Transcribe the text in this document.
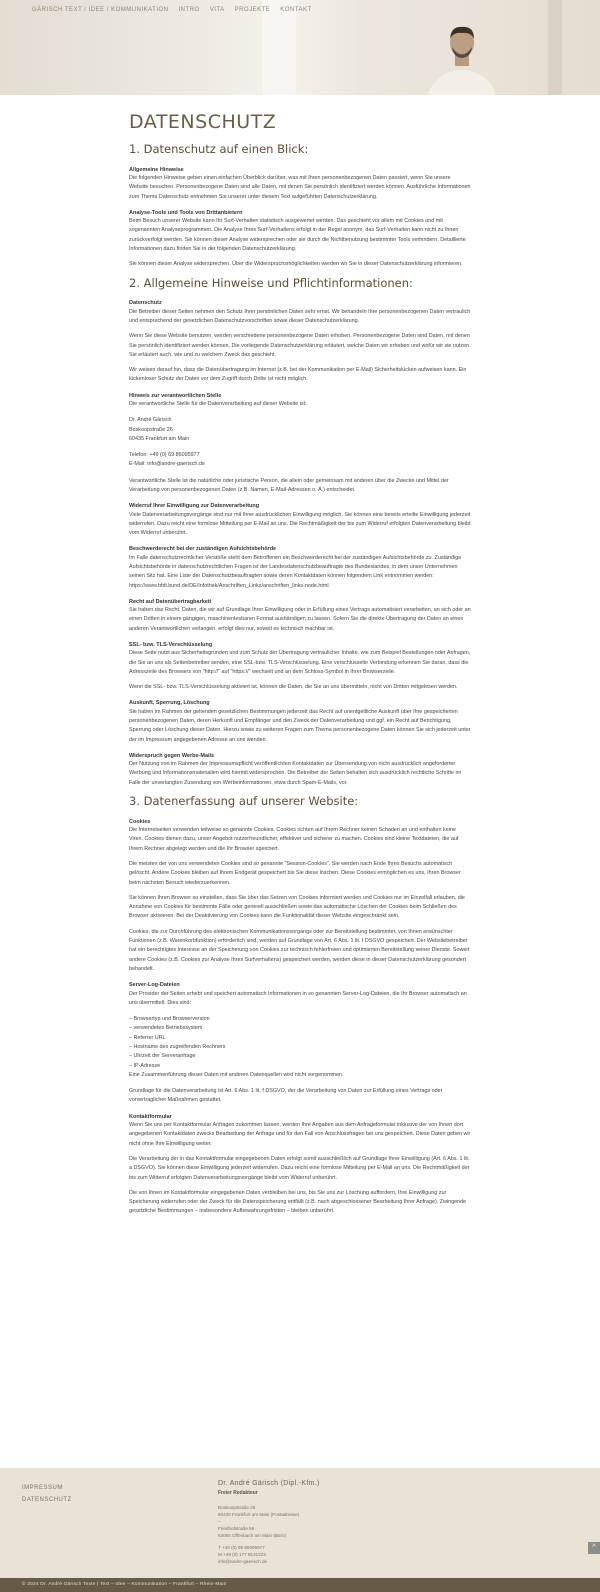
GÄRISCH TEXT / IDEE / KOMMUNIKATION INTRO VITA PROJEKTE KONTAKT
DATENSCHUTZ
1. Datenschutz auf einen Blick:
Allgemeine Hinweise
Die folgenden Hinweise geben einen einfachen Überblick darüber, was mit Ihren personenbezogenen Daten passiert, wenn Sie unsere Website besuchen. Personenbezogene Daten sind alle Daten, mit denen Sie persönlich identifiziert werden können. Ausführliche Informationen zum Thema Datenschutz entnehmen Sie unserer unter diesem Text aufgeführten Datenschutzerklärung.
Analyse-Tools und Tools von Drittanbietern
Beim Besuch unserer Website kann Ihr Surf-Verhalten statistisch ausgewertet werden. Das geschieht vor allem mit Cookies und mit sogenannten Analyseprogrammen. Die Analyse Ihres Surf-Verhaltens erfolgt in der Regel anonym; das Surf-Verhalten kann nicht zu Ihnen zurückverfolgt werden. Sie können dieser Analyse widersprechen oder sie durch die Nichtbenutzung bestimmter Tools verhindern. Detaillierte Informationen dazu finden Sie in der folgenden Datenschutzerklärung.
Sie können dieser Analyse widersprechen. Über die Widerspruchsmöglichkeiten werden wir Sie in dieser Datenschutzerklärung informieren.
2. Allgemeine Hinweise und Pflichtinformationen:
Datenschutz
Die Betreiber dieser Seiten nehmen den Schutz Ihrer persönlichen Daten sehr ernst. Wir behandeln Ihre personenbezogenen Daten vertraulich und entsprechend der gesetzlichen Datenschutzvorschriften sowie dieser Datenschutzerklärung.
Wenn Sie diese Website benutzen, werden verschiedene personenbezogene Daten erhoben. Personenbezogene Daten sind Daten, mit denen Sie persönlich identifiziert werden können. Die vorliegende Datenschutzerklärung erläutert, welche Daten wir erheben und wofür wir sie nutzen. Sie erläutert auch, wie und zu welchem Zweck das geschieht.
Wir weisen darauf hin, dass die Datenübertragung im Internet (z.B. bei der Kommunikation per E-Mail) Sicherheitslücken aufweisen kann. Ein lückenloser Schutz der Daten vor dem Zugriff durch Dritte ist nicht möglich.
Hinweis zur verantwortlichen Stelle
Die verantwortliche Stelle für die Datenverarbeitung auf dieser Website ist:
Dr. André Gärisch
Boskoopstraße 26
60435 Frankfurt am Main
Telefon: +49 (0) 69 86095977
E-Mail: info@andre-gaerisch.de
Verantwortliche Stelle ist die natürliche oder juristische Person, die allein oder gemeinsam mit anderen über die Zwecke und Mittel der Verarbeitung von personenbezogenen Daten (z.B. Namen, E-Mail-Adressen o. Ä.) entscheidet.
Widerruf Ihrer Einwilligung zur Datenverarbeitung
Viele Datenverarbeitungsvorgänge sind nur mit Ihrer ausdrücklichen Einwilligung möglich. Sie können eine bereits erteilte Einwilligung jederzeit widerrufen. Dazu reicht eine formlose Mitteilung per E-Mail an uns. Die Rechtmäßigkeit der bis zum Widerruf erfolgten Datenverarbeitung bleibt vom Widerruf unberührt.
Beschwerderecht bei der zuständigen Aufsichtsbehörde
Im Falle datenschutzrechtlicher Verstöße steht dem Betroffenen ein Beschwerderecht bei der zuständigen Aufsichtsbehörde zu. Zuständige Aufsichtsbehörde in datenschutzrechtlichen Fragen ist der Landesdatenschutzbeauftragte des Bundeslandes, in dem unser Unternehmen seinen Sitz hat. Eine Liste der Datenschutzbeauftragten sowie deren Kontaktdaten können folgendem Link entnommen werden: https://www.bfdi.bund.de/DE/Infothek/Anschriften_Links/anschriften_links-node.html.
Recht auf Datenübertragbarkeit
Sie haben das Recht, Daten, die wir auf Grundlage Ihrer Einwilligung oder in Erfüllung eines Vertrags automatisiert verarbeiten, an sich oder an einen Dritten in einem gängigen, maschinenlesbaren Format aushändigen zu lassen. Sofern Sie die direkte Übertragung der Daten an einen anderen Verantwortlichen verlangen, erfolgt dies nur, soweit es technisch machbar ist.
SSL- bzw. TLS-Verschlüsselung
Diese Seite nutzt aus Sicherheitsgründen und zum Schutz der Übertragung vertraulicher Inhalte, wie zum Beispiel Bestellungen oder Anfragen, die Sie an uns als Seitenbetreiber senden, eine SSL-bzw. TLS-Verschlüsselung. Eine verschlüsselte Verbindung erkennen Sie daran, dass die Adresszeile des Browsers von "http://" auf "https://" wechselt und an dem Schloss-Symbol in Ihrer Browserzeile.
Wenn die SSL- bzw. TLS-Verschlüsselung aktiviert ist, können die Daten, die Sie an uns übermitteln, nicht von Dritten mitgelesen werden.
Auskunft, Sperrung, Löschung
Sie haben im Rahmen der geltenden gesetzlichen Bestimmungen jederzeit das Recht auf unentgeltliche Auskunft über Ihre gespeicherten personenbezogenen Daten, deren Herkunft und Empfänger und den Zweck der Datenverarbeitung und ggf. ein Recht auf Berichtigung, Sperrung oder Löschung dieser Daten. Hierzu sowie zu weiteren Fragen zum Thema personenbezogene Daten können Sie sich jederzeit unter der im Impressum angegebenen Adresse an uns wenden.
Widerspruch gegen Werbe-Mails
Der Nutzung von im Rahmen der Impressumspflicht veröffentlichten Kontaktdaten zur Übersendung von nicht ausdrücklich angeforderter Werbung und Informationsmaterialien wird hiermit widersprochen. Die Betreiber der Seiten behalten sich ausdrücklich rechtliche Schritte im Falle der unverlangten Zusendung von Werbeinformationen, etwa durch Spam-E-Mails, vor.
3. Datenerfassung auf unserer Website:
Cookies
Die Internetseiten verwenden teilweise so genannte Cookies. Cookies richten auf Ihrem Rechner keinen Schaden an und enthalten keine Viren. Cookies dienen dazu, unser Angebot nutzerfreundlicher, effektiver und sicherer zu machen. Cookies sind kleine Textdateien, die auf Ihrem Rechner abgelegt werden und die Ihr Browser speichert.
Die meisten der von uns verwendeten Cookies sind so genannte "Session-Cookies". Sie werden nach Ende Ihres Besuchs automatisch gelöscht. Andere Cookies bleiben auf Ihrem Endgerät gespeichert bis Sie diese löschen. Diese Cookies ermöglichen es uns, Ihren Browser beim nächsten Besuch wiederzuerkennen.
Sie können Ihren Browser so einstellen, dass Sie über das Setzen von Cookies informiert werden und Cookies nur im Einzelfall erlauben, die Annahme von Cookies für bestimmte Fälle oder generell ausschließen sowie das automatische Löschen der Cookies beim Schließen des Browser aktivieren. Bei der Deaktivierung von Cookies kann die Funktionalität dieser Website eingeschränkt sein.
Cookies, die zur Durchführung des elektronischen Kommunikationsvorgangs oder zur Bereitstellung bestimmter, von Ihnen erwünschter Funktionen (z.B. Warenkorbfunktion) erforderlich sind, werden auf Grundlage von Art. 6 Abs. 1 lit. f DSGVO gespeichert. Der Websitebetreiber hat ein berechtigtes Interesse an der Speicherung von Cookies zur technisch fehlerfreien und optimierten Bereitstellung seiner Dienste. Soweit andere Cookies (z.B. Cookies zur Analyse Ihres Surfverhaltens) gespeichert werden, werden diese in dieser Datenschutzerklärung gesondert behandelt.
Server-Log-Dateien
Der Provider der Seiten erhebt und speichert automatisch Informationen in so genannten Server-Log-Dateien, die Ihr Browser automatisch an uns übermittelt. Dies sind:
– Browsertyp und Browserversion
– verwendetes Betriebssystem
– Referrer URL
– Hostname des zugreifenden Rechners
– Uhrzeit der Serveranfrage
– IP-Adresse
Eine Zusammenführung dieser Daten mit anderen Datenquellen wird nicht vorgenommen.
Grundlage für die Datenverarbeitung ist Art. 6 Abs. 1 lit. f DSGVO, der die Verarbeitung von Daten zur Erfüllung eines Vertrags oder vorvertraglicher Maßnahmen gestattet.
Kontaktformular
Wenn Sie uns per Kontaktformular Anfragen zukommen lassen, werden Ihre Angaben aus dem Anfrageformular inklusive der von Ihnen dort angegebenen Kontaktdaten zwecks Bearbeitung der Anfrage und für den Fall von Anschlussfragen bei uns gespeichert. Diese Daten geben wir nicht ohne Ihre Einwilligung weiter.
Die Verarbeitung der in das Kontaktformular eingegebenen Daten erfolgt somit ausschließlich auf Grundlage Ihrer Einwilligung (Art. 6 Abs. 1 lit. a DSGVO). Sie können diese Einwilligung jederzeit widerrufen. Dazu reicht eine formlose Mitteilung per E-Mail an uns. Die Rechtmäßigkeit der bis zum Widerruf erfolgten Datenverarbeitungsvorgänge bleibt vom Widerruf unberührt.
Die von Ihnen im Kontaktformular eingegebenen Daten verbleiben bei uns, bis Sie uns zur Löschung auffordern, Ihre Einwilligung zur Speicherung widerrufen oder der Zweck für die Datenspeicherung entfällt (z.B. nach abgeschlossener Bearbeitung Ihrer Anfrage). Zwingende gesetzliche Bestimmungen – insbesondere Aufbewahrungsfristen – bleiben unberührt.
IMPRESSUM
DATENSCHUTZ
Dr. André Gärisch (Dipl.-Kfm.)
Freier Redakteur
Boskoopstraße 26
60435 Frankfurt am Main (Postadresse)
–
Friedhofstraße 59
63065 Offenbach am Main (Büro)
T +49 (0) 69 86095977
M +49 (0) 177 8131222
info@andre-gaerisch.de
^
© 2024 Dr. André Gärisch Texte | Text – Idee – Kommunikation – Frankfurt – Rhein-Main
